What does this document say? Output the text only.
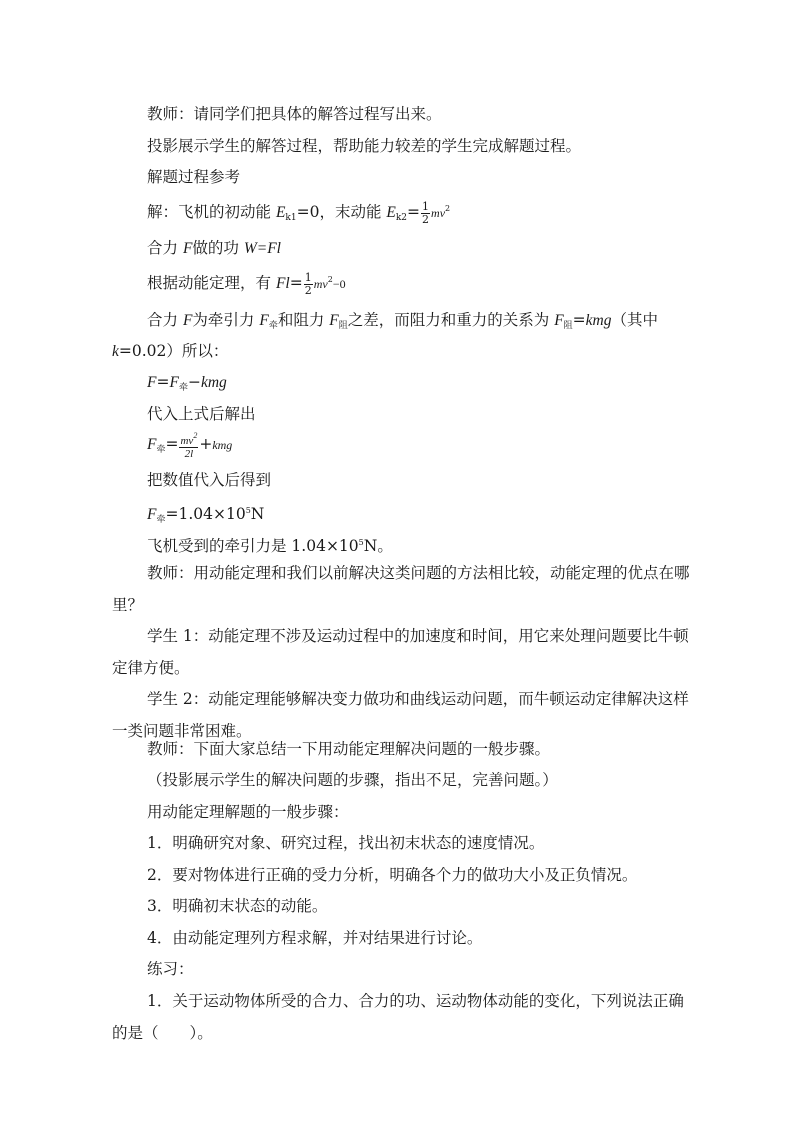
教师：请同学们把具体的解答过程写出来。
投影展示学生的解答过程，帮助能力较差的学生完成解题过程。
解题过程参考
解：飞机的初动能 $E_{k1}=0$，末动能 $E_{k2}= \frac{1}{2} mv^2$
合力 F做的功 W=Fl
根据动能定理，有 $Fl= \frac{1}{2} mv^2-0$
合力 F为牵引力 $F_牵$和阻力 $F_阻$之差，而阻力和重力的关系为 $F_阻=kmg$（其中
k=0.02）所以：
$F=F_牵-kmg$
代入上式后解出
$F_牵= \frac{mv^2}{2l} +kmg$
把数值代入后得到
$F_牵=1.04\times 10^5N$
飞机受到的牵引力是 $1.04\times 10^5N$。
教师：用动能定理和我们以前解决这类问题的方法相比较，动能定理的优点在哪里？
学生 1：动能定理不涉及运动过程中的加速度和时间，用它来处理问题要比牛顿定律方便。
学生 2：动能定理能够解决变力做功和曲线运动问题，而牛顿运动定律解决这样一类问题非常困难。
教师：下面大家总结一下用动能定理解决问题的一般步骤。
（投影展示学生的解决问题的步骤，指出不足，完善问题。）
用动能定理解题的一般步骤：
1．明确研究对象、研究过程，找出初末状态的速度情况。
2．要对物体进行正确的受力分析，明确各个力的做功大小及正负情况。
3．明确初末状态的动能。
4．由动能定理列方程求解，并对结果进行讨论。
练习：
1．关于运动物体所受的合力、合力的功、运动物体动能的变化，下列说法正确的是（　　）。
